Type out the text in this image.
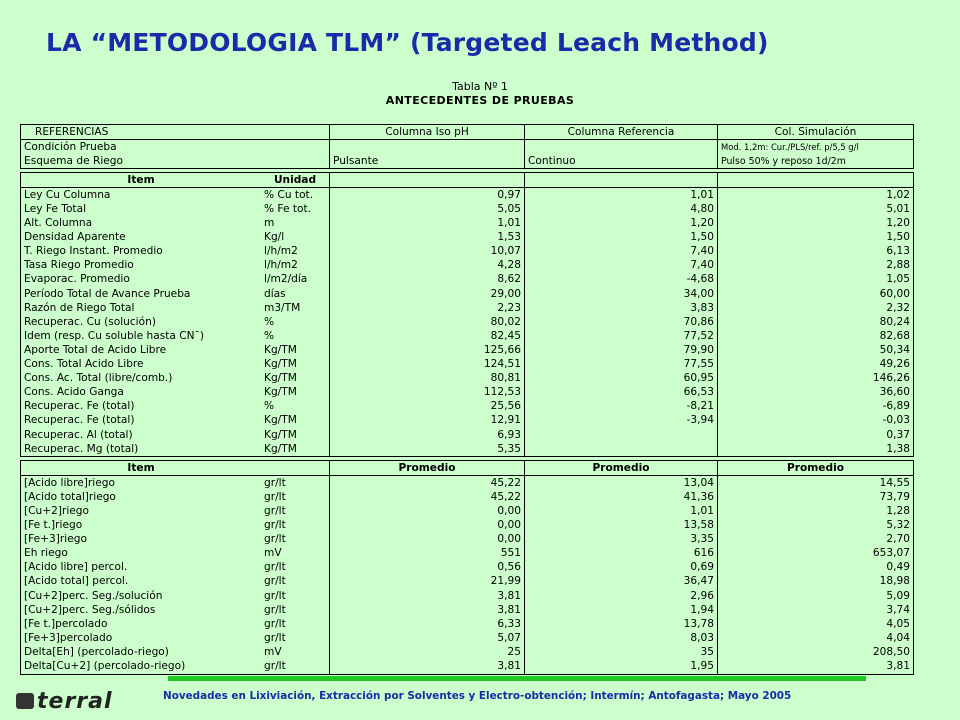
LA “METODOLOGIA TLM” (Targeted Leach Method)
Tabla Nº 1
ANTECEDENTES DE PRUEBAS
REFERENCIAS		Columna Iso pH	Columna Referencia	Col. Simulación
Condición Prueba				Mod. 1,2m: Cur./PLS/ref. p/5,5 g/l
Esquema de Riego		Pulsante	Continuo	Pulso 50% y reposo 1d/2m

Item	Unidad			
Ley Cu Columna	% Cu tot.	0,97	1,01	1,02
Ley Fe Total	% Fe tot.	5,05	4,80	5,01
Alt. Columna	m	1,01	1,20	1,20
Densidad Aparente	Kg/l	1,53	1,50	1,50
T. Riego Instant. Promedio	l/h/m2	10,07	7,40	6,13
Tasa Riego Promedio	l/h/m2	4,28	7,40	2,88
Evaporac. Promedio	l/m2/día	8,62	-4,68	1,05
Período Total de Avance Prueba	días	29,00	34,00	60,00
Razón de Riego Total	m3/TM	2,23	3,83	2,32
Recuperac. Cu (solución)	%	80,02	70,86	80,24
Idem (resp. Cu soluble hasta CN¯)	%	82,45	77,52	82,68
Aporte Total de Acido Libre	Kg/TM	125,66	79,90	50,34
Cons. Total Acido Libre	Kg/TM	124,51	77,55	49,26
Cons. Ac. Total (libre/comb.)	Kg/TM	80,81	60,95	146,26
Cons. Acido Ganga	Kg/TM	112,53	66,53	36,60
Recuperac. Fe (total)	%	25,56	-8,21	-6,89
Recuperac. Fe (total)	Kg/TM	12,91	-3,94	-0,03
Recuperac. Al (total)	Kg/TM	6,93		0,37
Recuperac. Mg (total)	Kg/TM	5,35		1,38

Item		Promedio	Promedio	Promedio
[Acido libre]riego	gr/lt	45,22	13,04	14,55
[Acido total]riego	gr/lt	45,22	41,36	73,79
[Cu+2]riego	gr/lt	0,00	1,01	1,28
[Fe t.]riego	gr/lt	0,00	13,58	5,32
[Fe+3]riego	gr/lt	0,00	3,35	2,70
Eh riego	mV	551	616	653,07
[Acido libre] percol.	gr/lt	0,56	0,69	0,49
[Acido total] percol.	gr/lt	21,99	36,47	18,98
[Cu+2]perc. Seg./solución	gr/lt	3,81	2,96	5,09
[Cu+2]perc. Seg./sólidos	gr/lt	3,81	1,94	3,74
[Fe t.]percolado	gr/lt	6,33	13,78	4,05
[Fe+3]percolado	gr/lt	5,07	8,03	4,04
Delta[Eh] (percolado-riego)	mV	25	35	208,50
Delta[Cu+2] (percolado-riego)	gr/lt	3,81	1,95	3,81
terral	Novedades en Lixiviación, Extracción por Solventes y Electro-obtención; Intermín; Antofagasta; Mayo 2005
